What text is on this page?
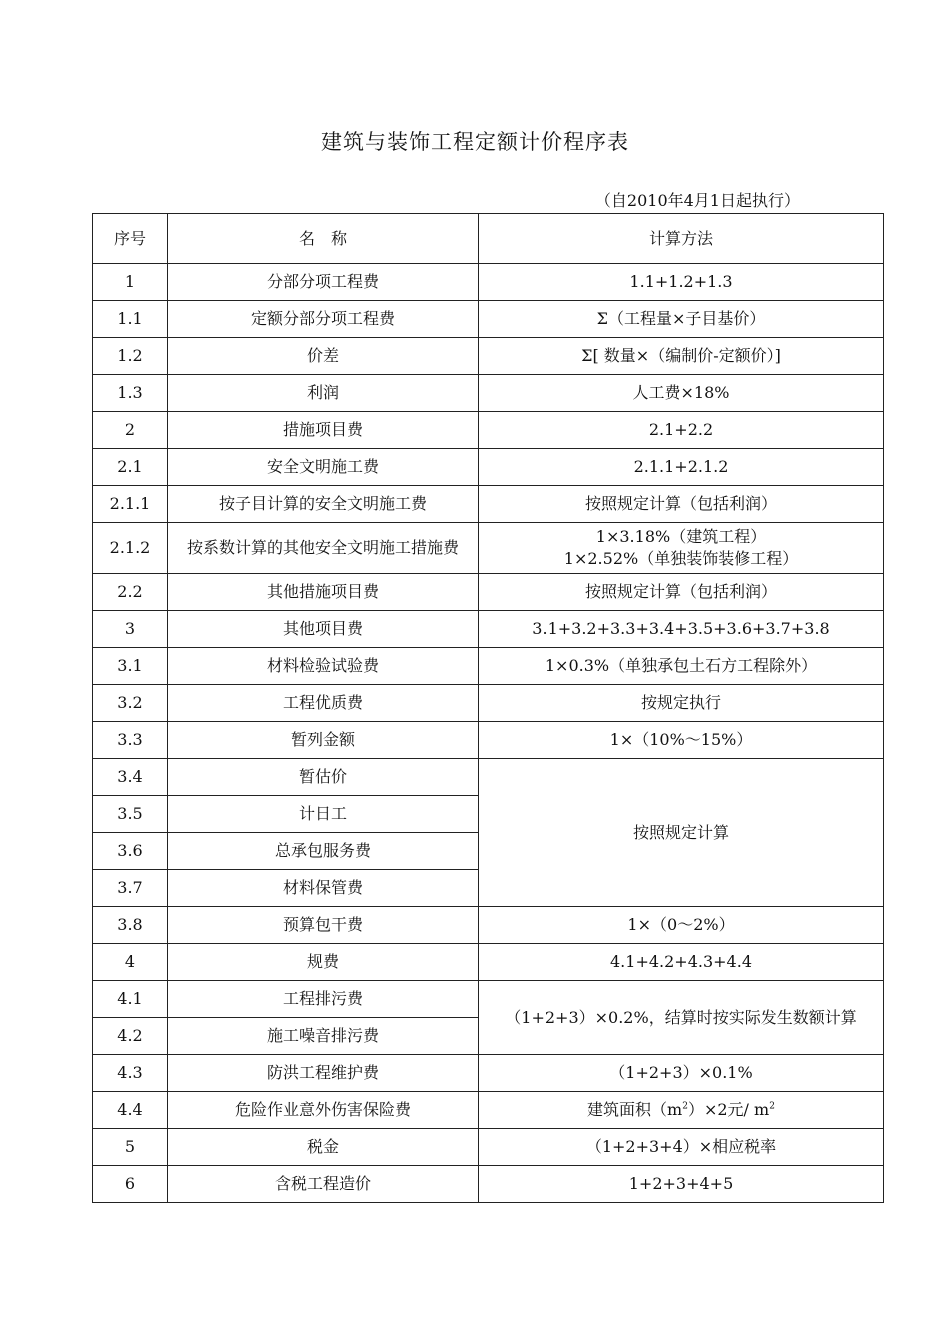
建筑与装饰工程定额计价程序表
（自2010年4月1日起执行）
序号	名　称	计算方法
1	分部分项工程费	1.1+1.2+1.3
1.1	定额分部分项工程费	Σ（工程量×子目基价）
1.2	价差	Σ[ 数量×（编制价-定额价）]
1.3	利润	人工费×18%
2	措施项目费	2.1+2.2
2.1	安全文明施工费	2.1.1+2.1.2
2.1.1	按子目计算的安全文明施工费	按照规定计算（包括利润）
2.1.2	按系数计算的其他安全文明施工措施费	1×3.18%（建筑工程）
1×2.52%（单独装饰装修工程）

2.2	其他措施项目费	按照规定计算（包括利润）
3	其他项目费	3.1+3.2+3.3+3.4+3.5+3.6+3.7+3.8
3.1	材料检验试验费	1×0.3%（单独承包土石方工程除外）
3.2	工程优质费	按规定执行
3.3	暂列金额	1×（10%～15%）
3.4	暂估价	按照规定计算
3.5	计日工	
3.6	总承包服务费	
3.7	材料保管费	
3.8	预算包干费	1×（0～2%）
4	规费	4.1+4.2+4.3+4.4
4.1	工程排污费	（1+2+3）×0.2%，结算时按实际发生数额计算
4.2	施工噪音排污费	
4.3	防洪工程维护费	（1+2+3）×0.1%
4.4	危险作业意外伤害保险费	建筑面积$(m^2)\times 2$元/ $m^2$
5	税金	（1+2+3+4）×相应税率
6	含税工程造价	1+2+3+4+5
